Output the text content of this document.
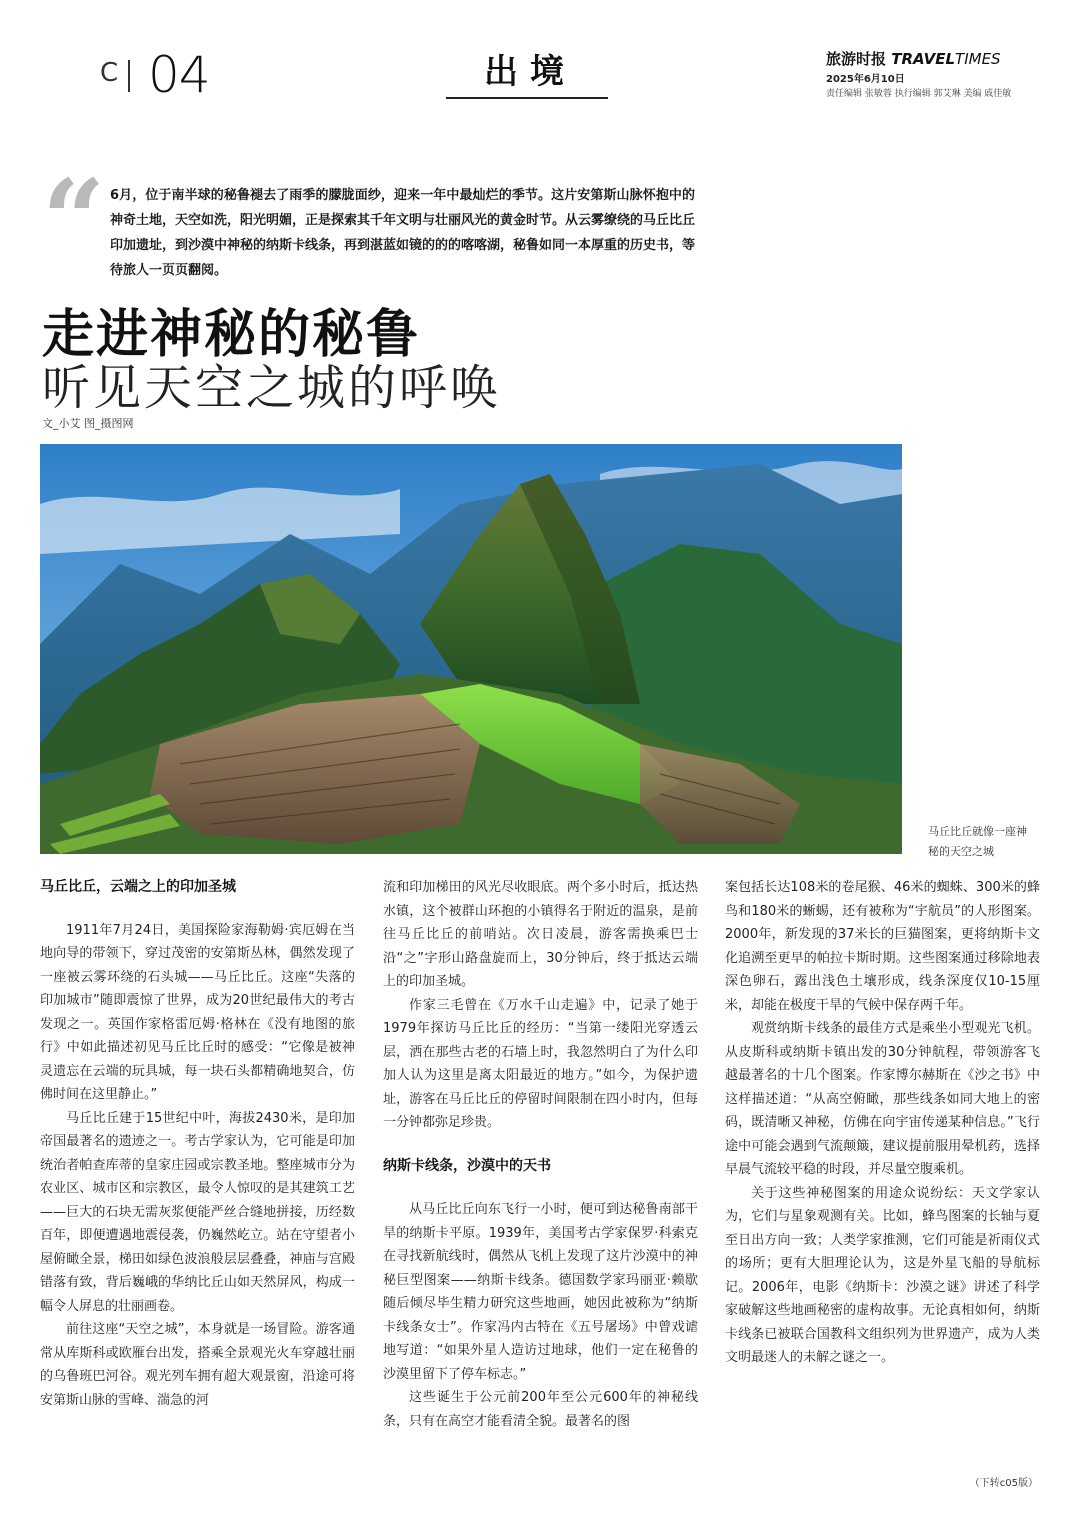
C 04	出境	旅游时报 TRAVELTIMES
2025年6月10日
责任编辑 张敏蓉 执行编辑 郭艾琳 美编 戚佳敏
“ 6月，位于南半球的秘鲁褪去了雨季的朦胧面纱，迎来一年中最灿烂的季节。这片安第斯山脉怀抱中的神奇土地，天空如洗，阳光明媚，正是探索其千年文明与壮丽风光的黄金时节。从云雾缭绕的马丘比丘印加遗址，到沙漠中神秘的纳斯卡线条，再到湛蓝如镜的的的喀喀湖，秘鲁如同一本厚重的历史书，等待旅人一页页翻阅。
走进神秘的秘鲁
听见天空之城的呼唤
文_小艾 图_摄图网
马丘比丘就像一座神秘的天空之城
马丘比丘，云端之上的印加圣城

1911年7月24日，美国探险家海勒姆·宾厄姆在当地向导的带领下，穿过茂密的安第斯丛林，偶然发现了一座被云雾环绕的石头城——马丘比丘。这座“失落的印加城市”随即震惊了世界，成为20世纪最伟大的考古发现之一。英国作家格雷厄姆·格林在《没有地图的旅行》中如此描述初见马丘比丘时的感受：“它像是被神灵遗忘在云端的玩具城，每一块石头都精确地契合，仿佛时间在这里静止。”

马丘比丘建于15世纪中叶，海拔2430米，是印加帝国最著名的遗迹之一。考古学家认为，它可能是印加统治者帕查库蒂的皇家庄园或宗教圣地。整座城市分为农业区、城市区和宗教区，最令人惊叹的是其建筑工艺——巨大的石块无需灰浆便能严丝合缝地拼接，历经数百年，即便遭遇地震侵袭，仍巍然屹立。站在守望者小屋俯瞰全景，梯田如绿色波浪般层层叠叠，神庙与宫殿错落有致，背后巍峨的华纳比丘山如天然屏风，构成一幅令人屏息的壮丽画卷。

前往这座“天空之城”，本身就是一场冒险。游客通常从库斯科或欧雁台出发，搭乘全景观光火车穿越壮丽的乌鲁班巴河谷。观光列车拥有超大观景窗，沿途可将安第斯山脉的雪峰、湍急的河

流和印加梯田的风光尽收眼底。两个多小时后，抵达热水镇，这个被群山环抱的小镇得名于附近的温泉，是前往马丘比丘的前哨站。次日凌晨，游客需换乘巴士沿“之”字形山路盘旋而上，30分钟后，终于抵达云端上的印加圣城。

作家三毛曾在《万水千山走遍》中，记录了她于1979年探访马丘比丘的经历：“当第一缕阳光穿透云层，洒在那些古老的石墙上时，我忽然明白了为什么印加人认为这里是离太阳最近的地方。”如今，为保护遗址，游客在马丘比丘的停留时间限制在四小时内，但每一分钟都弥足珍贵。

纳斯卡线条，沙漠中的天书

从马丘比丘向东飞行一小时，便可到达秘鲁南部干旱的纳斯卡平原。1939年，美国考古学家保罗·科索克在寻找新航线时，偶然从飞机上发现了这片沙漠中的神秘巨型图案——纳斯卡线条。德国数学家玛丽亚·赖歇随后倾尽毕生精力研究这些地画，她因此被称为“纳斯卡线条女士”。作家冯内古特在《五号屠场》中曾戏谑地写道：“如果外星人造访过地球，他们一定在秘鲁的沙漠里留下了停车标志。”

这些诞生于公元前200年至公元600年的神秘线条，只有在高空才能看清全貌。最著名的图

案包括长达108米的卷尾猴、46米的蜘蛛、300米的蜂鸟和180米的蜥蜴，还有被称为“宇航员”的人形图案。2000年，新发现的37米长的巨猫图案，更将纳斯卡文化追溯至更早的帕拉卡斯时期。这些图案通过移除地表深色卵石，露出浅色土壤形成，线条深度仅10-15厘米，却能在极度干旱的气候中保存两千年。

观赏纳斯卡线条的最佳方式是乘坐小型观光飞机。从皮斯科或纳斯卡镇出发的30分钟航程，带领游客飞越最著名的十几个图案。作家博尔赫斯在《沙之书》中这样描述道：“从高空俯瞰，那些线条如同大地上的密码，既清晰又神秘，仿佛在向宇宙传递某种信息。”飞行途中可能会遇到气流颠簸，建议提前服用晕机药，选择早晨气流较平稳的时段，并尽量空腹乘机。

关于这些神秘图案的用途众说纷纭：天文学家认为，它们与星象观测有关。比如，蜂鸟图案的长轴与夏至日出方向一致；人类学家推测，它们可能是祈雨仪式的场所；更有大胆理论认为，这是外星飞船的导航标记。2006年，电影《纳斯卡：沙漠之谜》讲述了科学家破解这些地画秘密的虚构故事。无论真相如何，纳斯卡线条已被联合国教科文组织列为世界遗产，成为人类文明最迷人的未解之谜之一。

（下转c05版）
